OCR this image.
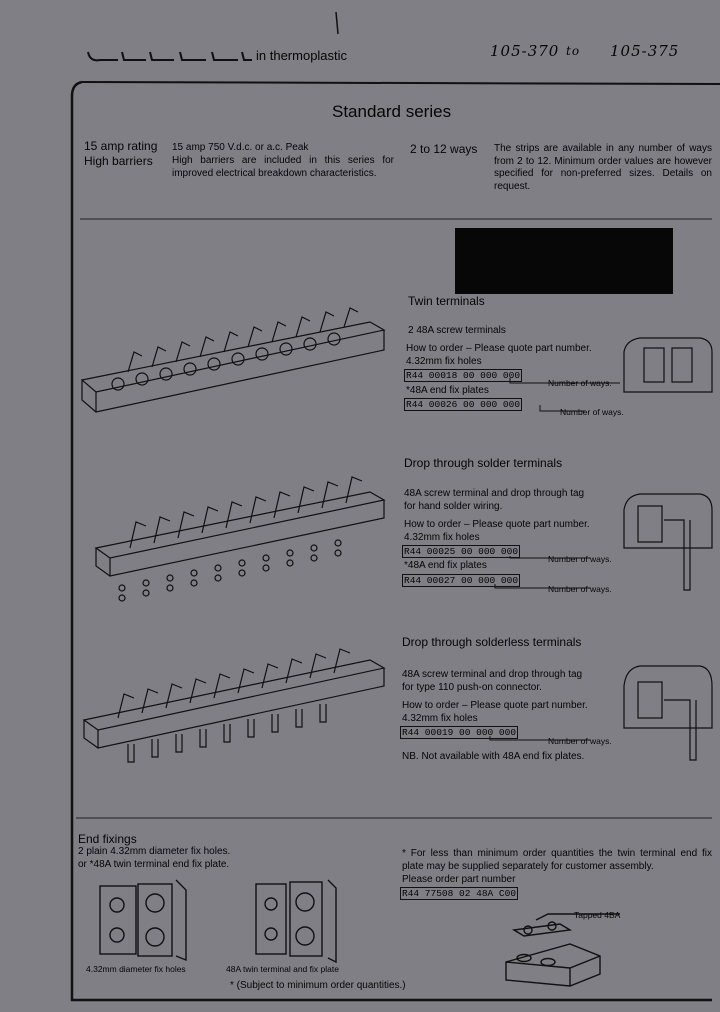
in thermoplastic	105-370 to 105-375
Standard series
15 amp rating
High barriers
15 amp 750 V.d.c. or a.c. Peak
High barriers are included in this series for improved electrical breakdown characteristics.
2 to 12 ways The strips are available in any number of ways from 2 to 12. Minimum order values are however specified for non-preferred sizes. Details on request.
Twin terminals
2 48A screw terminals
How to order – Please quote part number.
4.32mm fix holes
R44 00018 00 000 000
Number of ways.
*48A end fix plates
R44 00026 00 000 000
Number of ways.
Drop through solder terminals
48A screw terminal and drop through tag
for hand solder wiring.
How to order – Please quote part number.
4.32mm fix holes
R44 00025 00 000 000
Number of ways.
*48A end fix plates
R44 00027 00 000 000
Number of ways.
Drop through solderless terminals
48A screw terminal and drop through tag
for type 110 push-on connector.
How to order – Please quote part number.
4.32mm fix holes
R44 00019 00 000 000
Number of ways.
NB. Not available with 48A end fix plates.
End fixings
2 plain 4.32mm diameter fix holes.
or *48A twin terminal end fix plate.
4.32mm diameter fix holes	48A twin terminal and fix plate
* (Subject to minimum order quantities.)
* For less than minimum order quantities the twin terminal end fix plate may be supplied separately for customer assembly.
Please order part number
R44 77508 02 48A C00
Tapped 4BA
